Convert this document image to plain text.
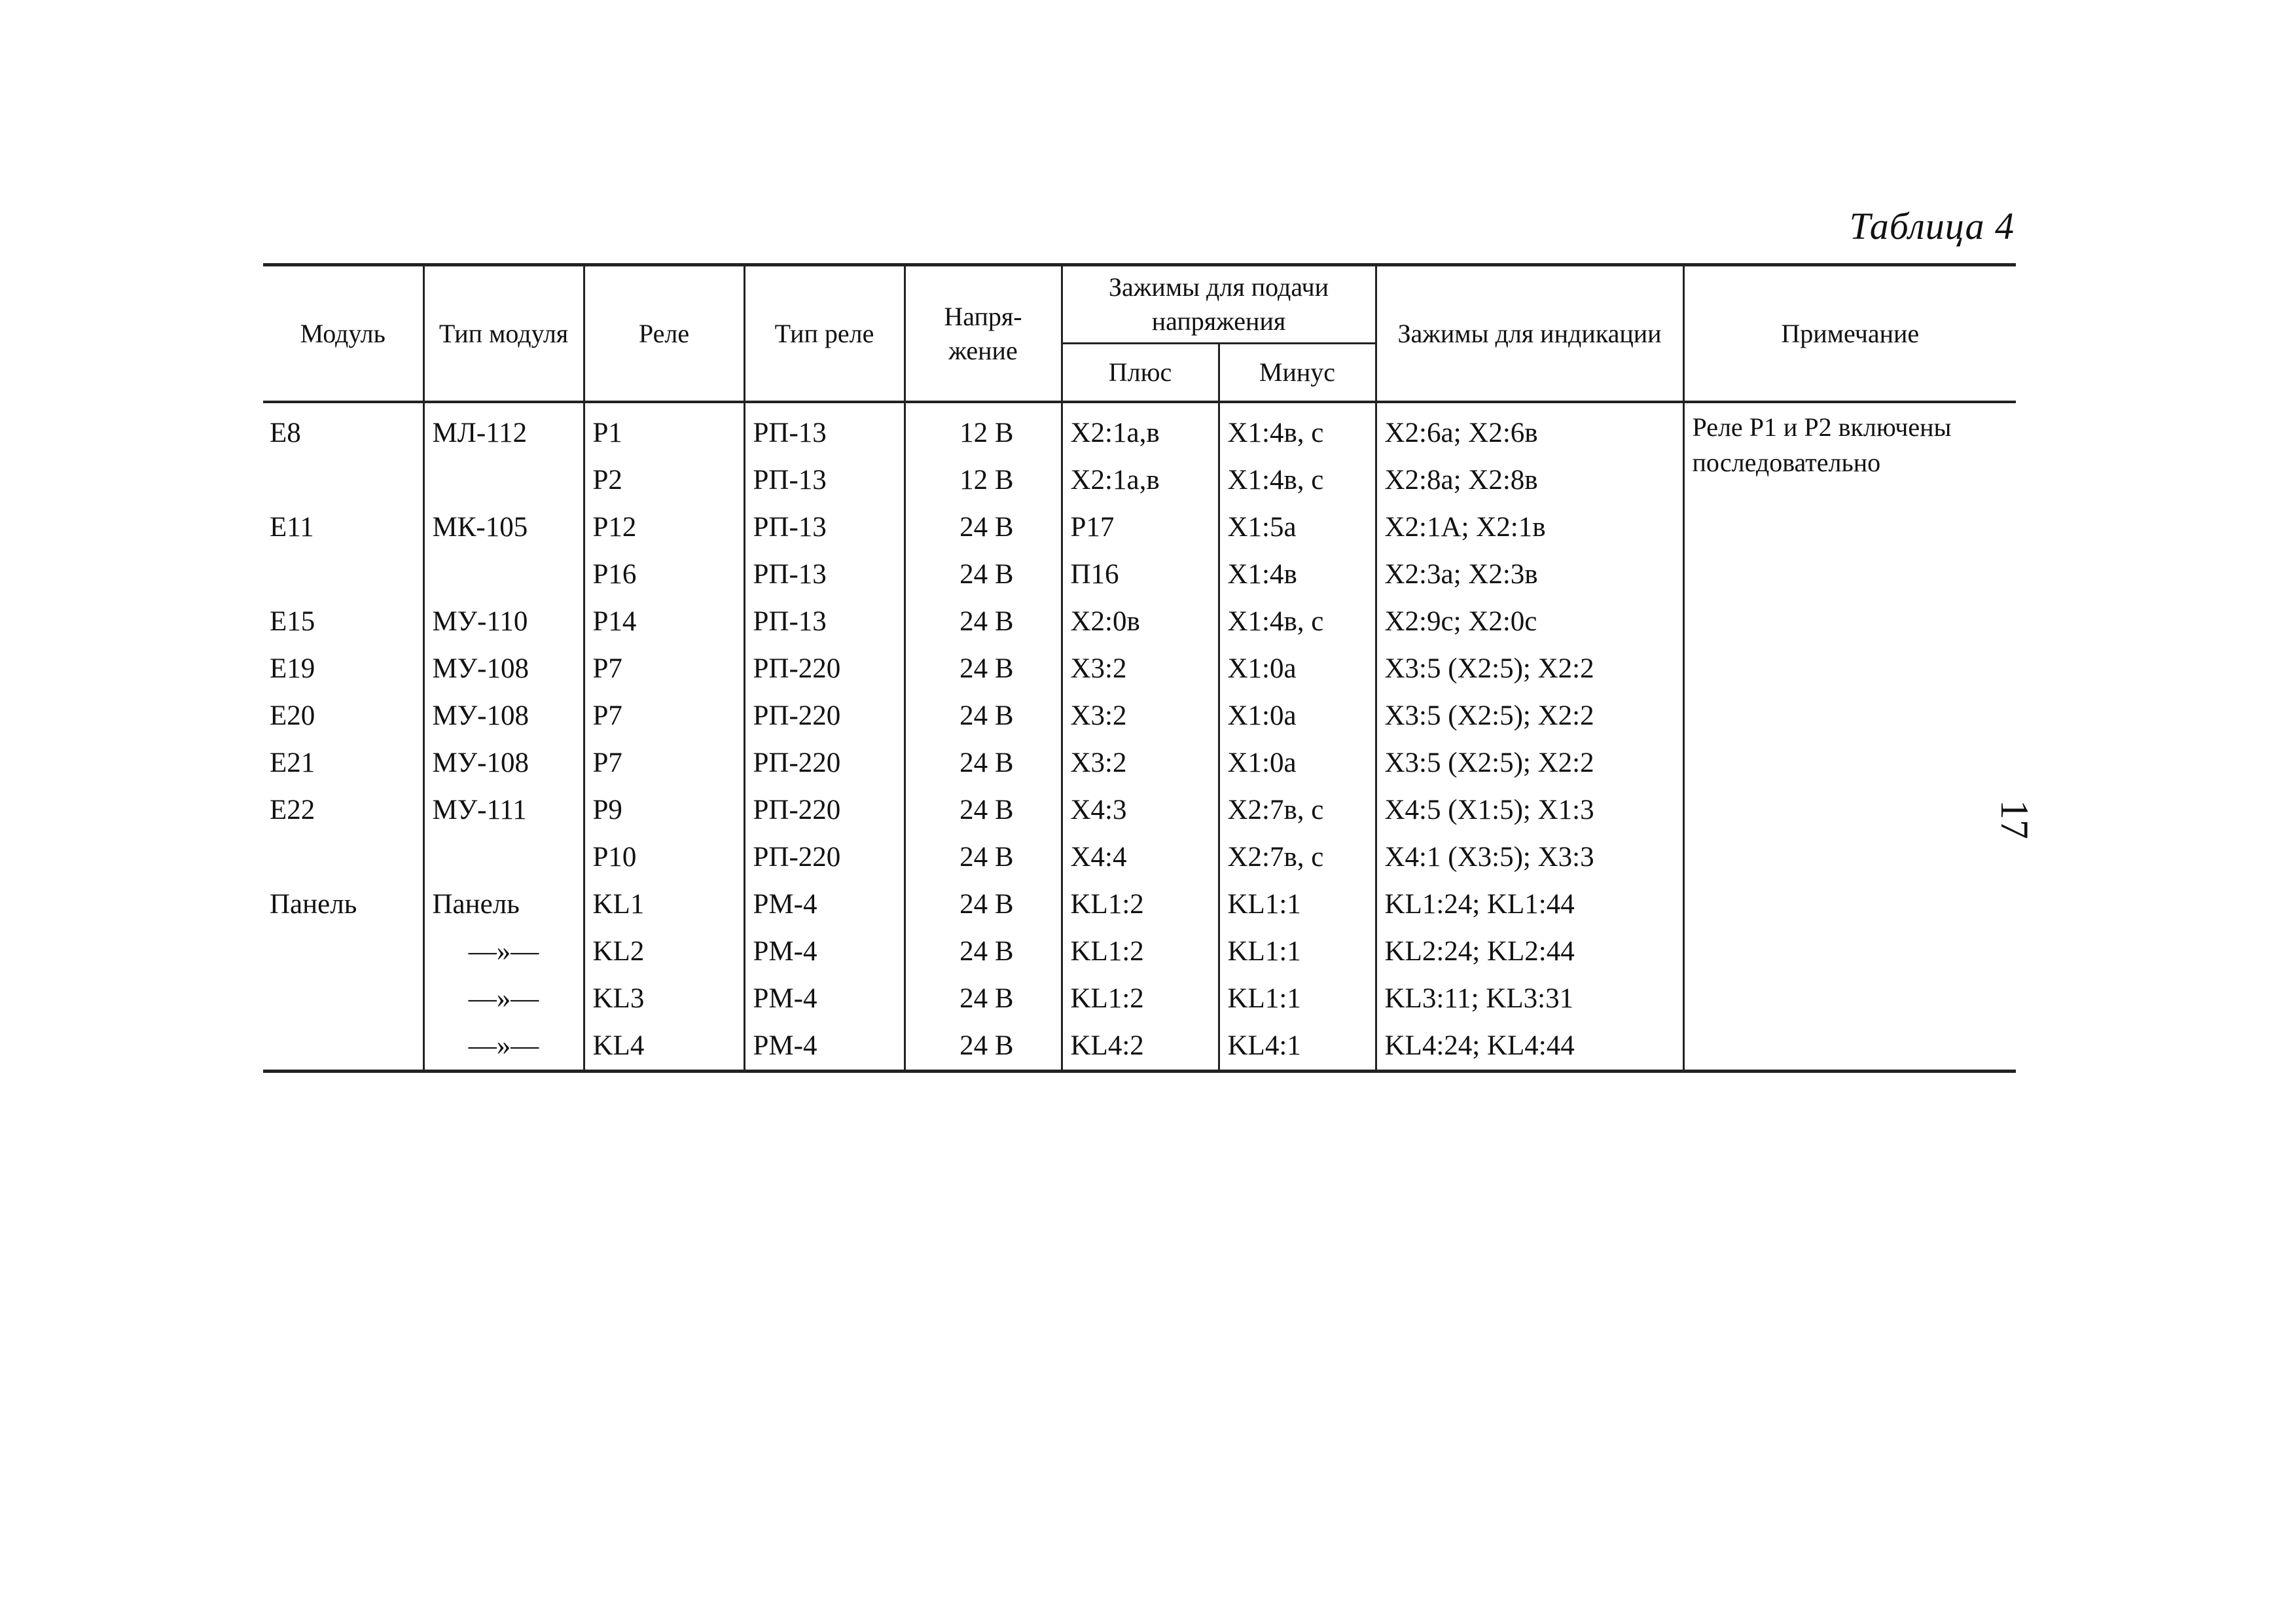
Таблица 4
Модуль	Тип модуля	Реле	Тип реле	Напря-жение	Зажимы для подачи напряжения		Зажимы для индикации	Примечание
					Плюс	Минус		
E8	МЛ-112	P1	РП-13	12 В	X2:1а,в	X1:4в, с	X2:6а; X2:6в	Реле P1 и P2 включены последовательно
		P2	РП-13	12 В	X2:1а,в	X1:4в, с	X2:8а; X2:8в	
E11	МК-105	P12	РП-13	24 В	P17	X1:5а	X2:1А; X2:1в	
		P16	РП-13	24 В	П16	X1:4в	X2:3а; X2:3в	
E15	МУ-110	P14	РП-13	24 В	X2:0в	X1:4в, с	X2:9с; X2:0с	
E19	МУ-108	P7	РП-220	24 В	X3:2	X1:0а	X3:5 (X2:5); X2:2	
E20	МУ-108	P7	РП-220	24 В	X3:2	X1:0а	X3:5 (X2:5); X2:2	
E21	МУ-108	P7	РП-220	24 В	X3:2	X1:0а	X3:5 (X2:5); X2:2	
E22	МУ-111	P9	РП-220	24 В	X4:3	X2:7в, с	X4:5 (X1:5); X1:3	
		P10	РП-220	24 В	X4:4	X2:7в, с	X4:1 (X3:5); X3:3	
Панель	Панель	KL1	РМ-4	24 В	KL1:2	KL1:1	KL1:24; KL1:44	
	—»—	KL2	РМ-4	24 В	KL1:2	KL1:1	KL2:24; KL2:44	
	—»—	KL3	РМ-4	24 В	KL1:2	KL1:1	KL3:11; KL3:31	
	—»—	KL4	РМ-4	24 В	KL4:2	KL4:1	KL4:24; KL4:44	
17
